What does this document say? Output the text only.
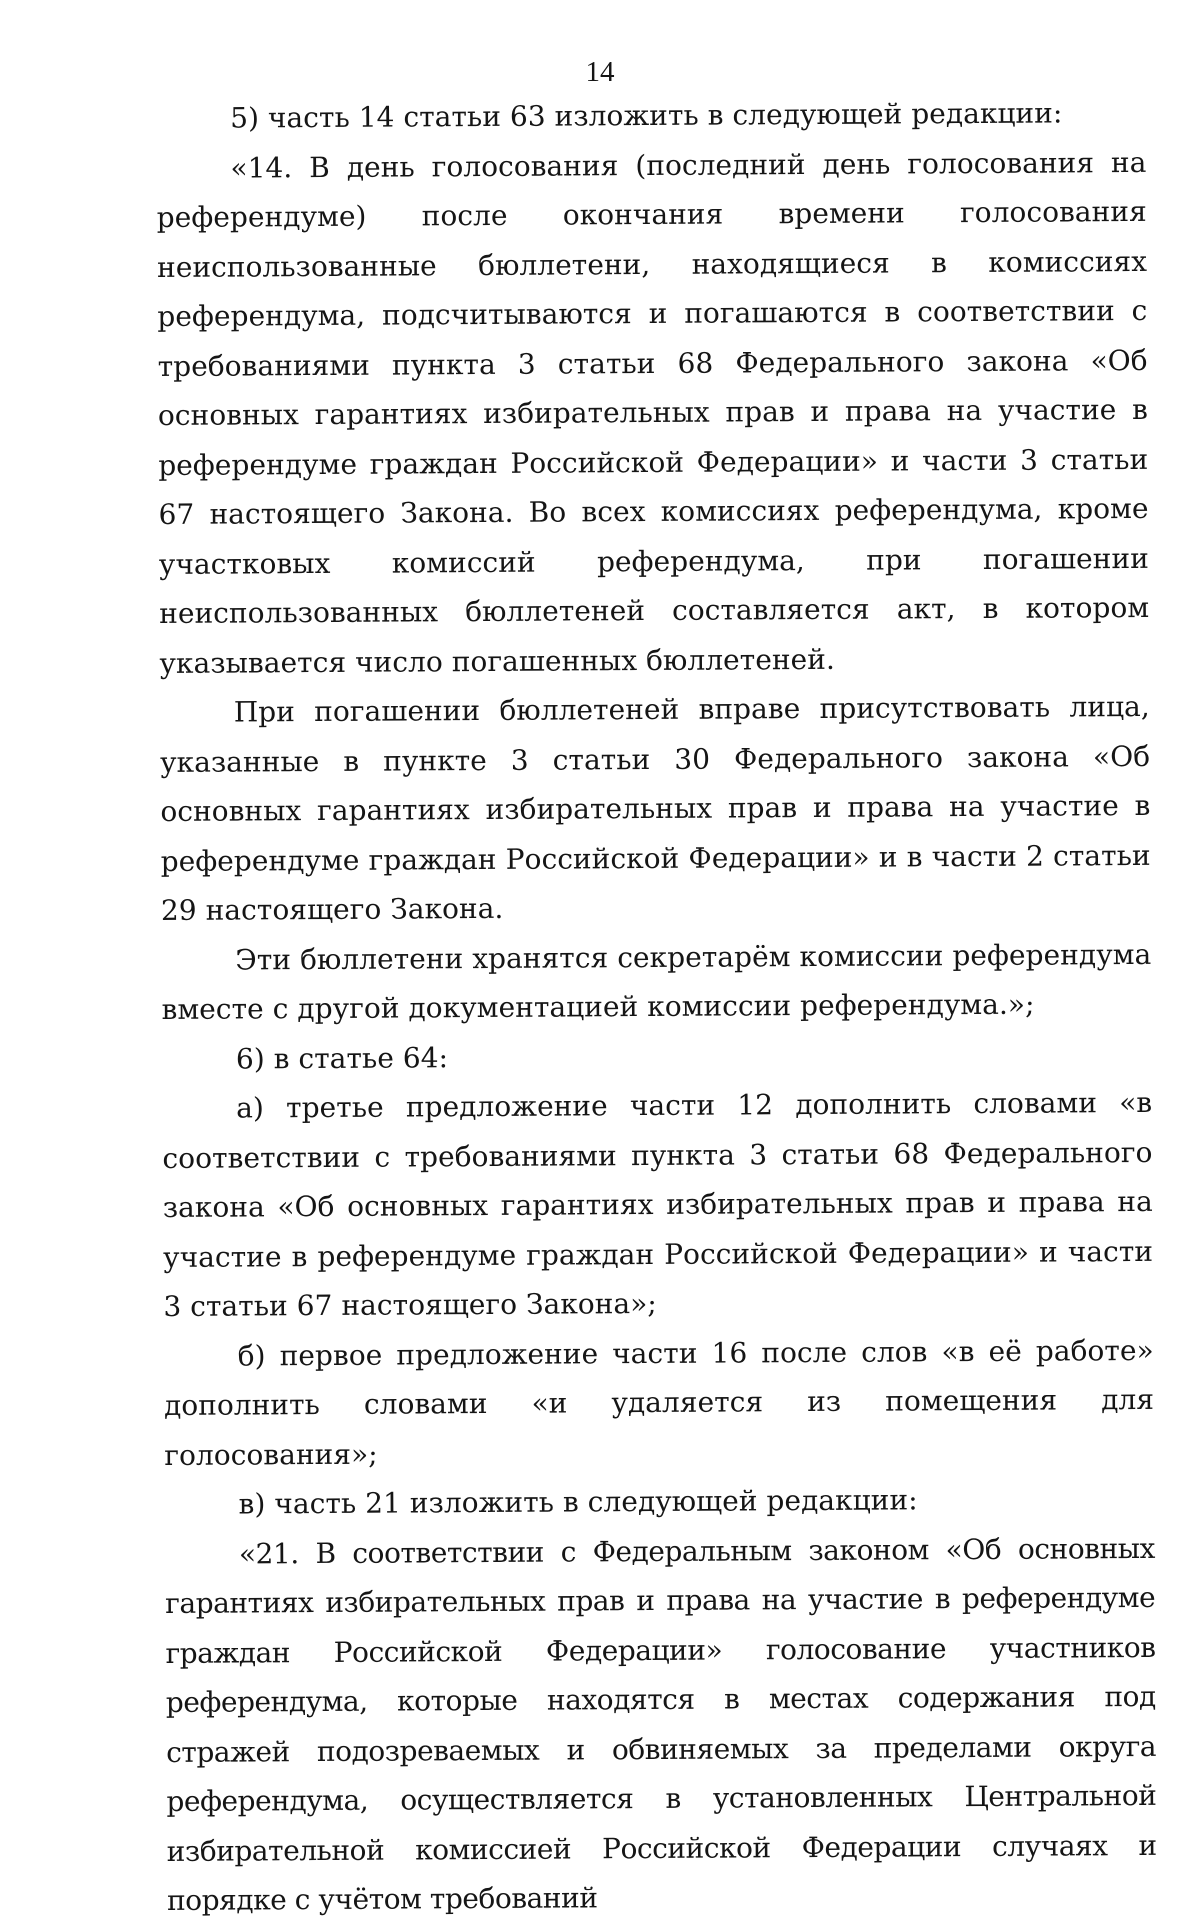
14

5) часть 14 статьи 63 изложить в следующей редакции:

«14. В день голосования (последний день голосования на референдуме) после окончания времени голосования неиспользованные бюллетени, находящиеся в комиссиях референдума, подсчитываются и погашаются в соответствии с требованиями пункта 3 статьи 68 Федерального закона «Об основных гарантиях избирательных прав и права на участие в референдуме граждан Российской Федерации» и части 3 статьи 67 настоящего Закона. Во всех комиссиях референдума, кроме участковых комиссий референдума, при погашении неиспользованных бюллетеней составляется акт, в котором указывается число погашенных бюллетеней.

При погашении бюллетеней вправе присутствовать лица, указанные в пункте 3 статьи 30 Федерального закона «Об основных гарантиях избирательных прав и права на участие в референдуме граждан Российской Федерации» и в части 2 статьи 29 настоящего Закона.

Эти бюллетени хранятся секретарём комиссии референдума вместе с другой документацией комиссии референдума.»;

6) в статье 64:

а) третье предложение части 12 дополнить словами «в соответствии с требованиями пункта 3 статьи 68 Федерального закона «Об основных гарантиях избирательных прав и права на участие в референдуме граждан Российской Федерации» и части 3 статьи 67 настоящего Закона»;

б) первое предложение части 16 после слов «в её работе» дополнить словами «и удаляется из помещения для голосования»;

в) часть 21 изложить в следующей редакции:

«21. В соответствии с Федеральным законом «Об основных гарантиях избирательных прав и права на участие в референдуме граждан Российской Федерации» голосование участников референдума, которые находятся в местах содержания под стражей подозреваемых и обвиняемых за пределами округа референдума, осуществляется в установленных Центральной избирательной комиссией Российской Федерации случаях и порядке с учётом требований
